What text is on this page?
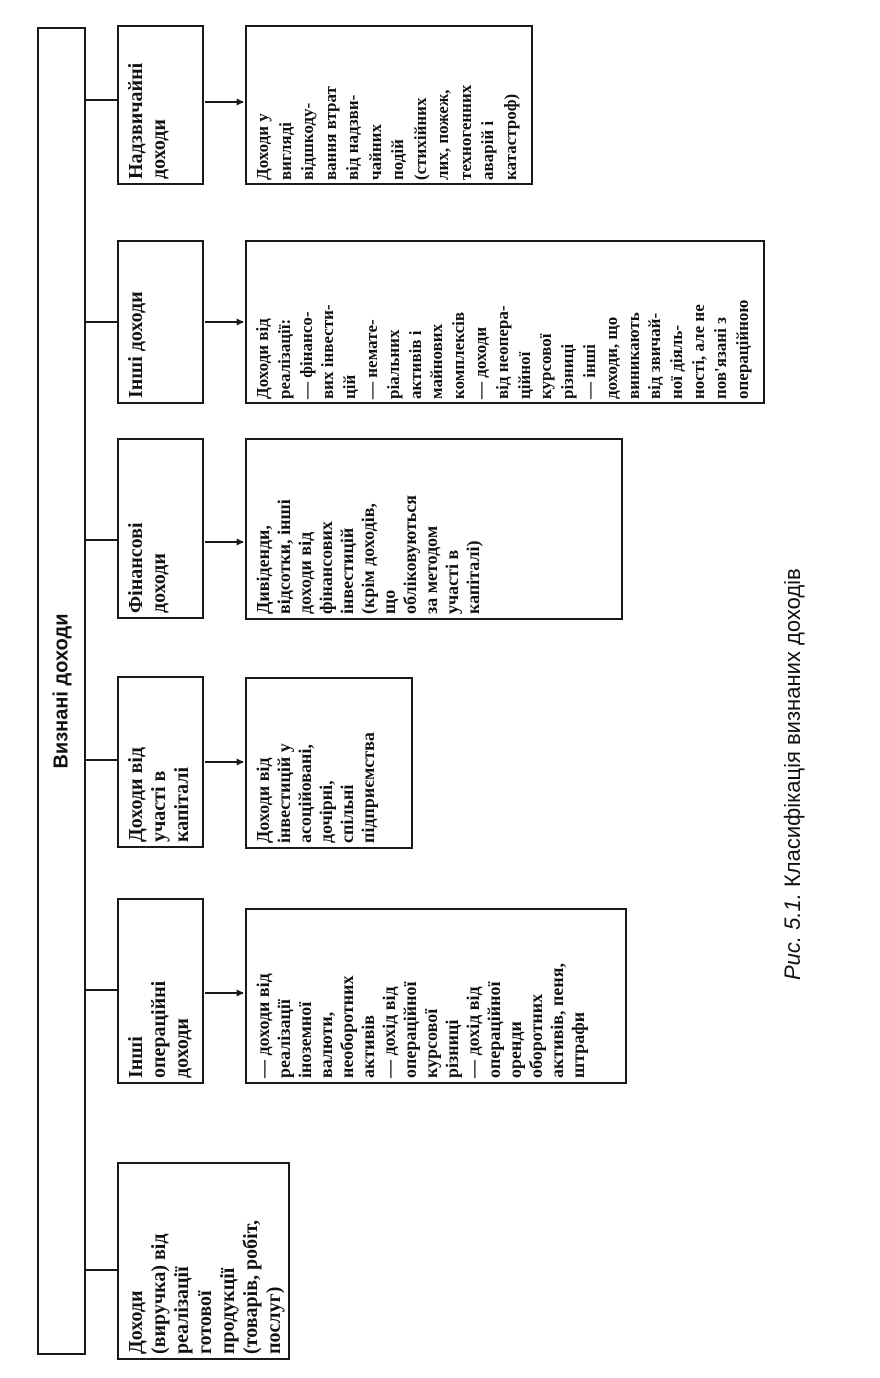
Визнані доходи
Доходи (виручка) від реалізації готової продукції (товарів, робіт, послуг)
Інші операційні доходи
Доходи від участі в капіталі
Фінансові доходи
Інші доходи
Надзвичайні доходи
— доходи від реалізації іноземної валюти, необоротних активів — дохід від операційної курсової різниці — дохід від операційної оренди оборотних активів, пеня, штрафи
Доходи від інвестицій у асоційовані, дочірні, спільні підприємства
Дивіденди, відсотки, інші доходи від фінансових інвестицій (крім доходів, що обліковуються за методом участі в капіталі)
Доходи від реалізації: — фінансо- вих інвести- цій — немате- ріальних активів і майнових комплексів — доходи від неопера- ційної курсової різниці — інші доходи, що виникають від звичай- ної діяль- ності, але не пов'язані з операційною
Доходи у вигляді відшкоду- вання втрат від надзви- чайних подій (стихійних лих, пожеж, техногенних аварій і катастроф)
Рис. 5.1. Класифікація визнаних доходів
